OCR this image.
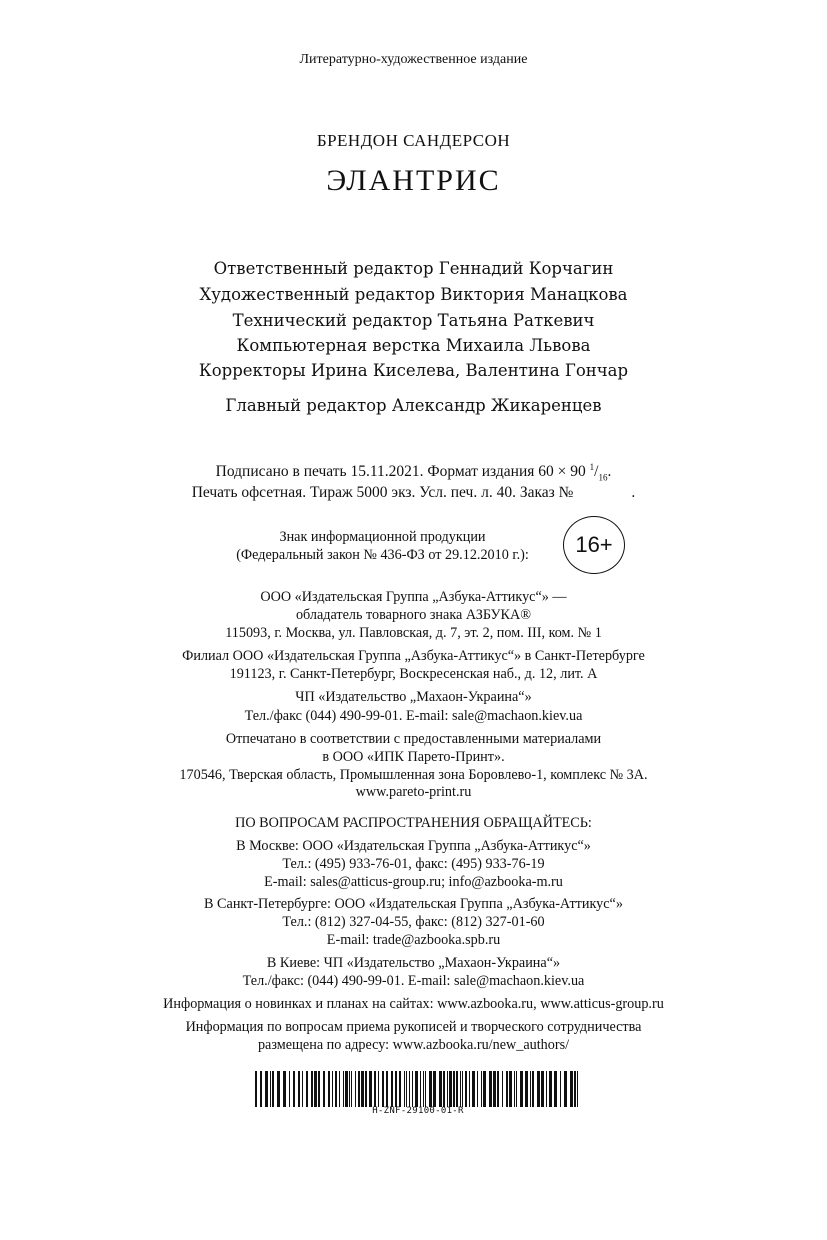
Литературно-художественное издание
БРЕНДОН САНДЕРСОН
ЭЛАНТРИС
Ответственный редактор Геннадий Корчагин
Художественный редактор Виктория Манацкова
Технический редактор Татьяна Раткевич
Компьютерная верстка Михаила Львова
Корректоры Ирина Киселева, Валентина Гончар
Главный редактор Александр Жикаренцев
Подписано в печать 15.11.2021. Формат издания 60 × 90 $^1/_{16}$.
Печать офсетная. Тираж 5000 экз. Усл. печ. л. 40. Заказ №	.
Знак информационной продукции
(Федеральный закон № 436-ФЗ от 29.12.2010 г.):	16+
ООО «Издательская Группа „Азбука-Аттикус“» —
обладатель товарного знака АЗБУКА®
115093, г. Москва, ул. Павловская, д. 7, эт. 2, пом. III, ком. № 1
Филиал ООО «Издательская Группа „Азбука-Аттикус“» в Санкт-Петербурге
191123, г. Санкт-Петербург, Воскресенская наб., д. 12, лит. А
ЧП «Издательство „Махаон-Украина“»
Тел./факс (044) 490-99-01. E-mail: sale@machaon.kiev.ua
Отпечатано в соответствии с предоставленными материалами
в ООО «ИПК Парето-Принт».
170546, Тверская область, Промышленная зона Боровлево-1, комплекс № 3А.
www.pareto-print.ru
ПО ВОПРОСАМ РАСПРОСТРАНЕНИЯ ОБРАЩАЙТЕСЬ:
В Москве: ООО «Издательская Группа „Азбука-Аттикус“»
Тел.: (495) 933-76-01, факс: (495) 933-76-19
E-mail: sales@atticus-group.ru; info@azbooka-m.ru
В Санкт-Петербурге: ООО «Издательская Группа „Азбука-Аттикус“»
Тел.: (812) 327-04-55, факс: (812) 327-01-60
E-mail: trade@azbooka.spb.ru
В Киеве: ЧП «Издательство „Махаон-Украина“»
Тел./факс: (044) 490-99-01. E-mail: sale@machaon.kiev.ua
Информация о новинках и планах на сайтах: www.azbooka.ru, www.atticus-group.ru
Информация по вопросам приема рукописей и творческого сотрудничества
размещена по адресу: www.azbooka.ru/new_authors/
H-ZNF-29100-01-R
